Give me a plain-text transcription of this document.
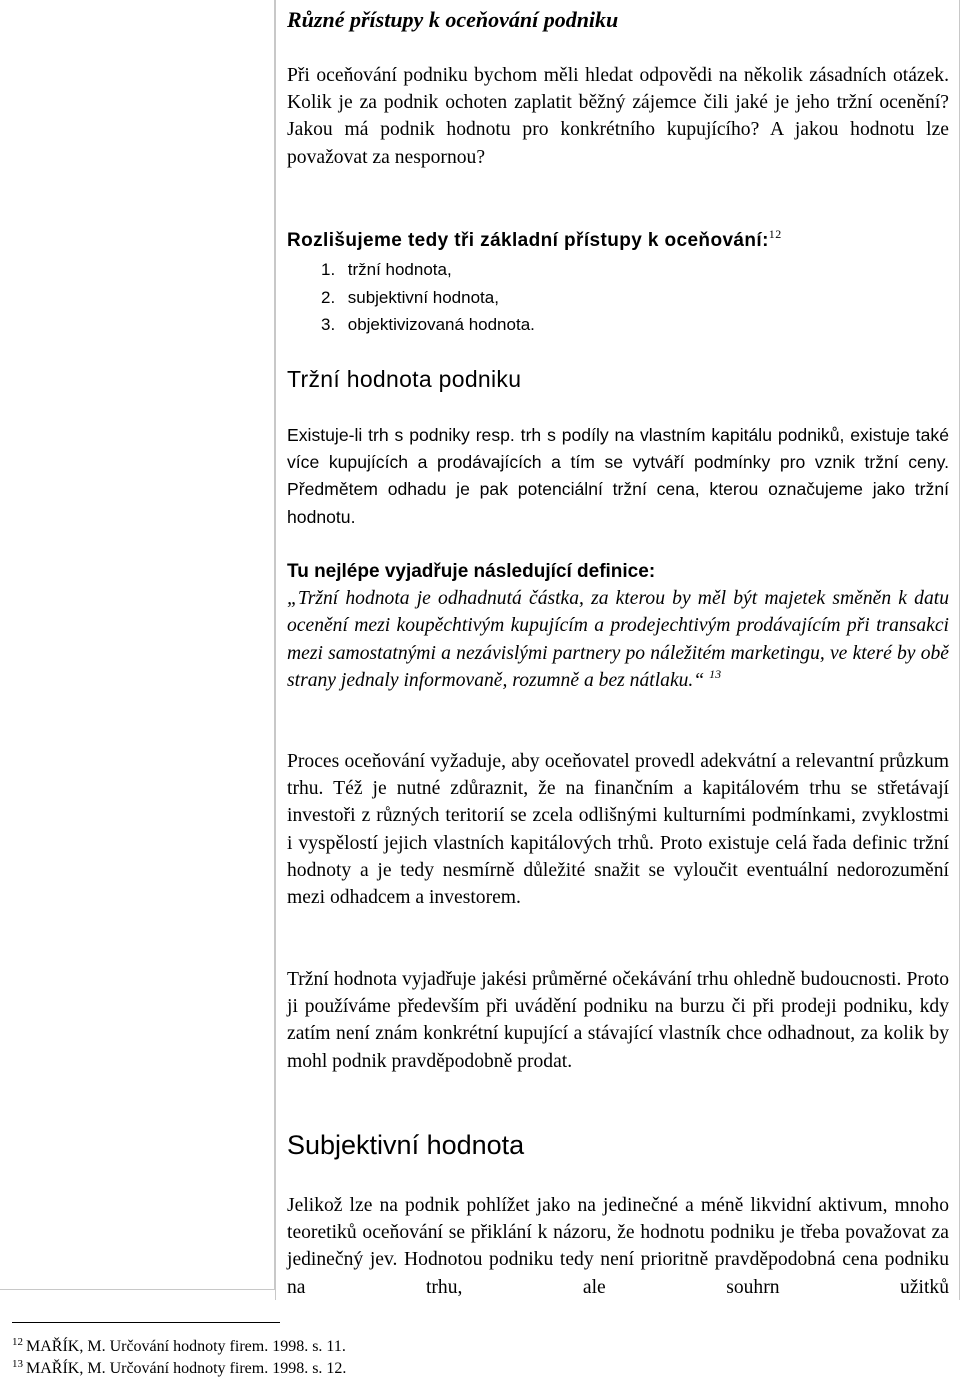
Různé přístupy k oceňování podniku
Při oceňování podniku bychom měli hledat odpovědi na několik zásadních otázek. Kolik je za podnik ochoten zaplatit běžný zájemce čili jaké je jeho tržní ocenění? Jakou má podnik hodnotu pro konkrétního kupujícího? A jakou hodnotu lze považovat za nespornou?
Rozlišujeme tedy tři základní přístupy k oceňování:$^{12}$
1. tržní hodnota,
2. subjektivní hodnota,
3. objektivizovaná hodnota.
Tržní hodnota podniku
Existuje-li trh s podniky resp. trh s podíly na vlastním kapitálu podniků, existuje také více kupujících a prodávajících a tím se vytváří podmínky pro vznik tržní ceny. Předmětem odhadu je pak potenciální tržní cena, kterou označujeme jako tržní hodnotu.
Tu nejlépe vyjadřuje následující definice:
„Tržní hodnota je odhadnutá částka, za kterou by měl být majetek směněn k datu ocenění mezi koupěchtivým kupujícím a prodejechtivým prodávajícím při transakci mezi samostatnými a nezávislými partnery po náležitém marketingu, ve které by obě strany jednaly informovaně, rozumně a bez nátlaku.“ $^{13}$
Proces oceňování vyžaduje, aby oceňovatel provedl adekvátní a relevantní průzkum trhu. Též je nutné zdůraznit, že na finančním a kapitálovém trhu se střetávají investoři z různých teritorií se zcela odlišnými kulturními podmínkami, zvyklostmi i vyspělostí jejich vlastních kapitálových trhů. Proto existuje celá řada definic tržní hodnoty a je tedy nesmírně důležité snažit se vyloučit eventuální nedorozumění mezi odhadcem a investorem.
Tržní hodnota vyjadřuje jakési průměrné očekávání trhu ohledně budoucnosti. Proto ji používáme především při uvádění podniku na burzu či při prodeji podniku, kdy zatím není znám konkrétní kupující a stávající vlastník chce odhadnout, za kolik by mohl podnik pravděpodobně prodat.
Subjektivní hodnota
Jelikož lze na podnik pohlížet jako na jedinečné a méně likvidní aktivum, mnoho teoretiků oceňování se přiklání k názoru, že hodnotu podniku je třeba považovat za jedinečný jev. Hodnotou podniku tedy není prioritně pravděpodobná cena podniku na trhu, ale souhrn užitků
$^{12}$ MAŘÍK, M. Určování hodnoty firem. 1998. s. 11.
$^{13}$ MAŘÍK, M. Určování hodnoty firem. 1998. s. 12.
